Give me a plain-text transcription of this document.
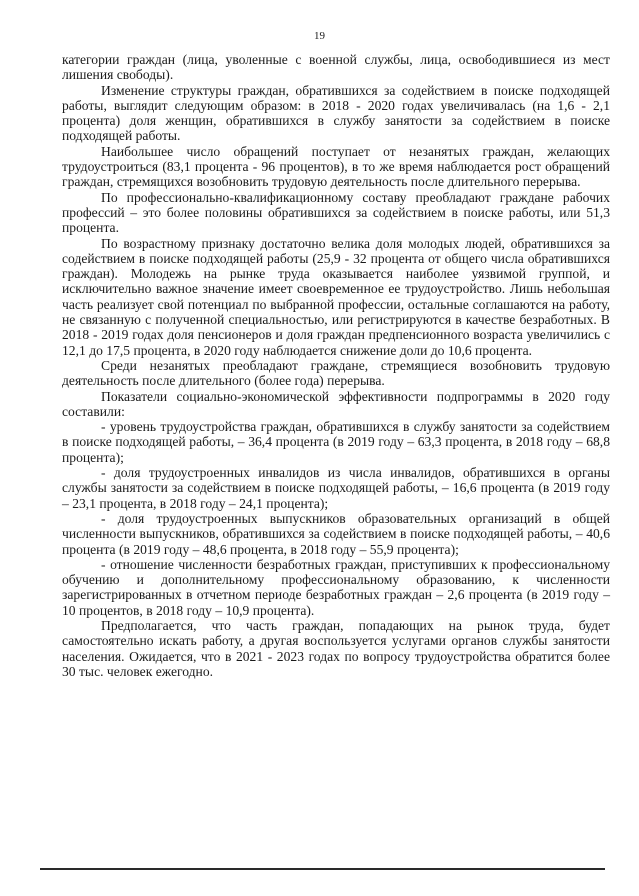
19

категории граждан (лица, уволенные с военной службы, лица, освободившиеся из мест лишения свободы).

Изменение структуры граждан, обратившихся за содействием в поиске подходящей работы, выглядит следующим образом: в 2018 - 2020 годах увеличивалась (на 1,6 - 2,1 процента) доля женщин, обратившихся в службу занятости за содействием в поиске подходящей работы.

Наибольшее число обращений поступает от незанятых граждан, желающих трудоустроиться (83,1 процента - 96 процентов), в то же время наблюдается рост обращений граждан, стремящихся возобновить трудовую деятельность после длительного перерыва.

По профессионально-квалификационному составу преобладают граждане рабочих профессий – это более половины обратившихся за содействием в поиске работы, или 51,3 процента.

По возрастному признаку достаточно велика доля молодых людей, обратившихся за содействием в поиске подходящей работы (25,9 - 32 процента от общего числа обратившихся граждан). Молодежь на рынке труда оказывается наиболее уязвимой группой, и исключительно важное значение имеет своевременное ее трудоустройство. Лишь небольшая часть реализует свой потенциал по выбранной профессии, остальные соглашаются на работу, не связанную с полученной специальностью, или регистрируются в качестве безработных. В 2018 - 2019 годах доля пенсионеров и доля граждан предпенсионного возраста увеличились с 12,1 до 17,5 процента, в 2020 году наблюдается снижение доли до 10,6 процента.

Среди незанятых преобладают граждане, стремящиеся возобновить трудовую деятельность после длительного (более года) перерыва.

Показатели социально-экономической эффективности подпрограммы в 2020 году составили:

- уровень трудоустройства граждан, обратившихся в службу занятости за содействием в поиске подходящей работы, – 36,4 процента (в 2019 году – 63,3 процента, в 2018 году – 68,8 процента);

- доля трудоустроенных инвалидов из числа инвалидов, обратившихся в органы службы занятости за содействием в поиске подходящей работы, – 16,6 процента (в 2019 году – 23,1 процента, в 2018 году – 24,1 процента);

- доля трудоустроенных выпускников образовательных организаций в общей численности выпускников, обратившихся за содействием в поиске подходящей работы, – 40,6 процента (в 2019 году – 48,6 процента, в 2018 году – 55,9 процента);

- отношение численности безработных граждан, приступивших к профессиональному обучению и дополнительному профессиональному образованию, к численности зарегистрированных в отчетном периоде безработных граждан – 2,6 процента (в 2019 году – 10 процентов, в 2018 году – 10,9 процента).

Предполагается, что часть граждан, попадающих на рынок труда, будет самостоятельно искать работу, а другая воспользуется услугами органов службы занятости населения. Ожидается, что в 2021 - 2023 годах по вопросу трудоустройства обратится более 30 тыс. человек ежегодно.
